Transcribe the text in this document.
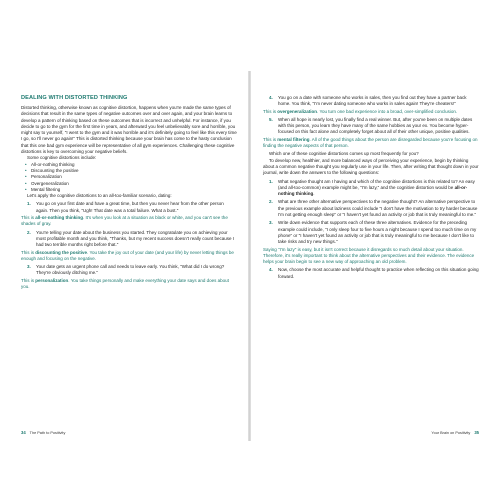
DEALING WITH DISTORTED THINKING

Distorted thinking, otherwise known as cognitive distortion, happens when you're made the same types of decisions that result in the same types of negative outcomes over and over again, and your brain learns to develop a pattern of thinking based on these outcomes that is incorrect and unhelpful. For instance, if you decide to go to the gym for the first time in years, and afterward you feel unbelievably sore and horrible, you might say to yourself, "I went to the gym and it was horrible and it's definitely going to feel like this every time I go, so I'll never go again!" This is distorted thinking because your brain has come to the hasty conclusion that this one bad gym experience will be representative of all gym experiences. Challenging these cognitive distortions is key to overcoming your negative beliefs.

Some cognitive distortions include:

• All-or-nothing thinking
• Discounting the positive
• Personalization
• Overgeneralization
• Mental filtering

Let's apply the cognitive distortions to an all-too-familiar scenario, dating:

1.	You go on your first date and have a great time, but then you never hear from the other person again. Then you think, "Ugh! That date was a total failure. What a bust."

This is all-or-nothing thinking. It's when you look at a situation as black or white, and you can't see the shades of gray.

2.	You're telling your date about the business you started. They congratulate you on achieving your most profitable month and you think, "Thanks, but my recent success doesn't really count because I had two terrible months right before that."

This is discounting the positive. You take the joy out of your date (and your life) by never letting things be enough and focusing on the negative.

3.	Your date gets an urgent phone call and needs to leave early. You think, "What did I do wrong? They're obviously ditching me."

This is personalization. You take things personally and make everything your date says and does about you.

34 The Path to Positivity
4.	You go on a date with someone who works in sales, then you find out they have a partner back home. You think, "I'm never dating someone who works in sales again! They're cheaters!"

This is overgeneralization. You turn one bad experience into a broad, over-simplified conclusion.

5.	When all hope is nearly lost, you finally find a real winner. But, after you've been on multiple dates with this person, you learn they have many of the same hobbies as your ex. You become hyper-focused on this fact alone and completely forget about all of their other unique, positive qualities.

This is mental filtering. All of the good things about the person are disregarded because you're focusing on finding the negative aspects of that person.

Which one of these cognitive distortions comes up most frequently for you?

To develop new, healthier, and more balanced ways of perceiving your experience, begin by thinking about a common negative thought you regularly use in your life. Then, after writing that thought down in your journal, write down the answers to the following questions:

1.	What negative thought am I having and which of the cognitive distortions is this related to? An easy (and all-too-common) example might be, "I'm lazy," and the cognitive distortion would be all-or-nothing thinking.
2.	What are three other alternative perspectives to the negative thought? An alternative perspective to the previous example about laziness could include "I don't have the motivation to try harder because I'm not getting enough sleep" or "I haven't yet found an activity or job that is truly meaningful to me."
3.	Write down evidence that supports each of these three alternatives. Evidence for the preceding example could include, "I only sleep four to five hours a night because I spend too much time on my phone" or "I haven't yet found an activity or job that is truly meaningful to me because I don't like to take risks and try new things."

Saying "I'm lazy" is easy, but it isn't correct because it disregards so much detail about your situation. Therefore, it's really important to think about the alternative perspectives and their evidence. The evidence helps your brain begin to see a new way of approaching an old problem.

4.	Now, choose the most accurate and helpful thought to practice when reflecting on this situation going forward.
Your Brain on Positivity 35
